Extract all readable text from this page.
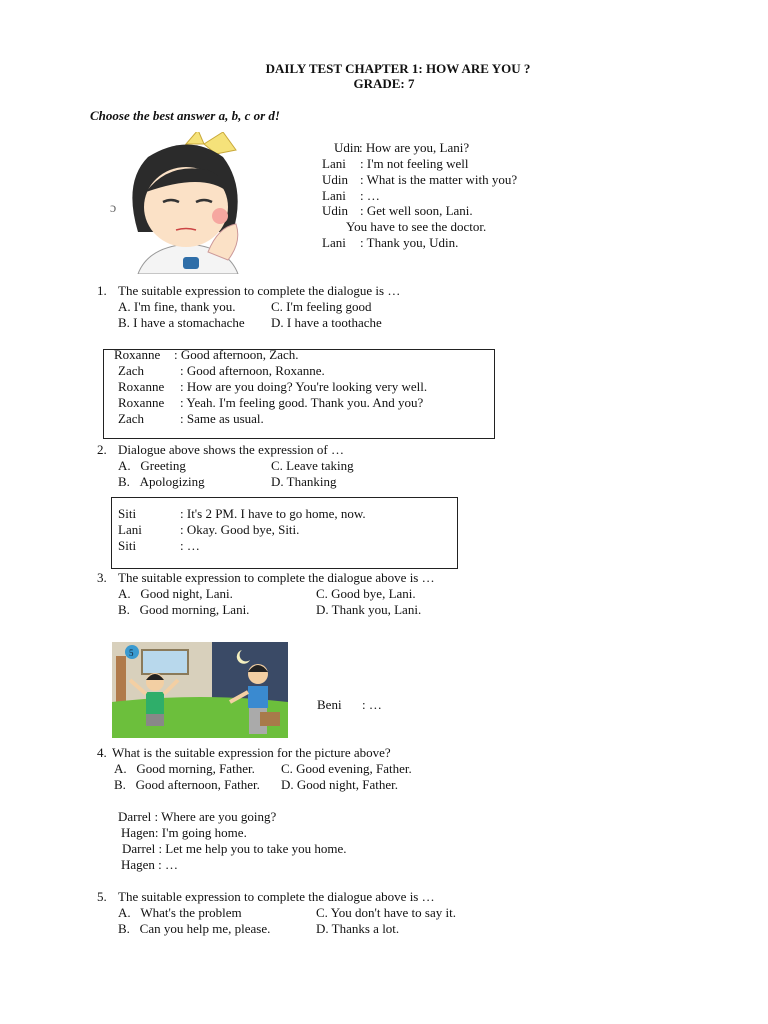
DAILY TEST CHAPTER 1: HOW ARE YOU ?
GRADE: 7
Choose the best answer a, b, c or d!
ɔ
Udin : How are you, Lani?
Lani : I'm not feeling well
Udin : What is the matter with you?
Lani : …
Udin : Get well soon, Lani.
You have to see the doctor.
Lani : Thank you, Udin.
1. The suitable expression to complete the dialogue is …
A. I'm fine, thank you.
B. I have a stomachache
C. I'm feeling good
D. I have a toothache
Roxanne : Good afternoon, Zach.
Zach	: Good afternoon, Roxanne.
Roxanne : How are you doing? You're looking very well.
Roxanne : Yeah. I'm feeling good. Thank you. And you?
Zach	: Same as usual.
2. Dialogue above shows the expression of …
A. Greeting
B. Apologizing
C. Leave taking
D. Thanking
Siti	: It's 2 PM. I have to go home, now.
Lani	: Okay. Good bye, Siti.
Siti	: …
3. The suitable expression to complete the dialogue above is …
A. Good night, Lani.
B. Good morning, Lani.
C. Good bye, Lani.
D. Thank you, Lani.
5
Beni : …
4. What is the suitable expression for the picture above?
A. Good morning, Father.
B. Good afternoon, Father.
C. Good evening, Father.
D. Good night, Father.
Darrel : Where are you going?
Hagen: I'm going home.
Darrel : Let me help you to take you home.
Hagen : …
5. The suitable expression to complete the dialogue above is …
A. What's the problem
B. Can you help me, please.
C. You don't have to say it.
D. Thanks a lot.
